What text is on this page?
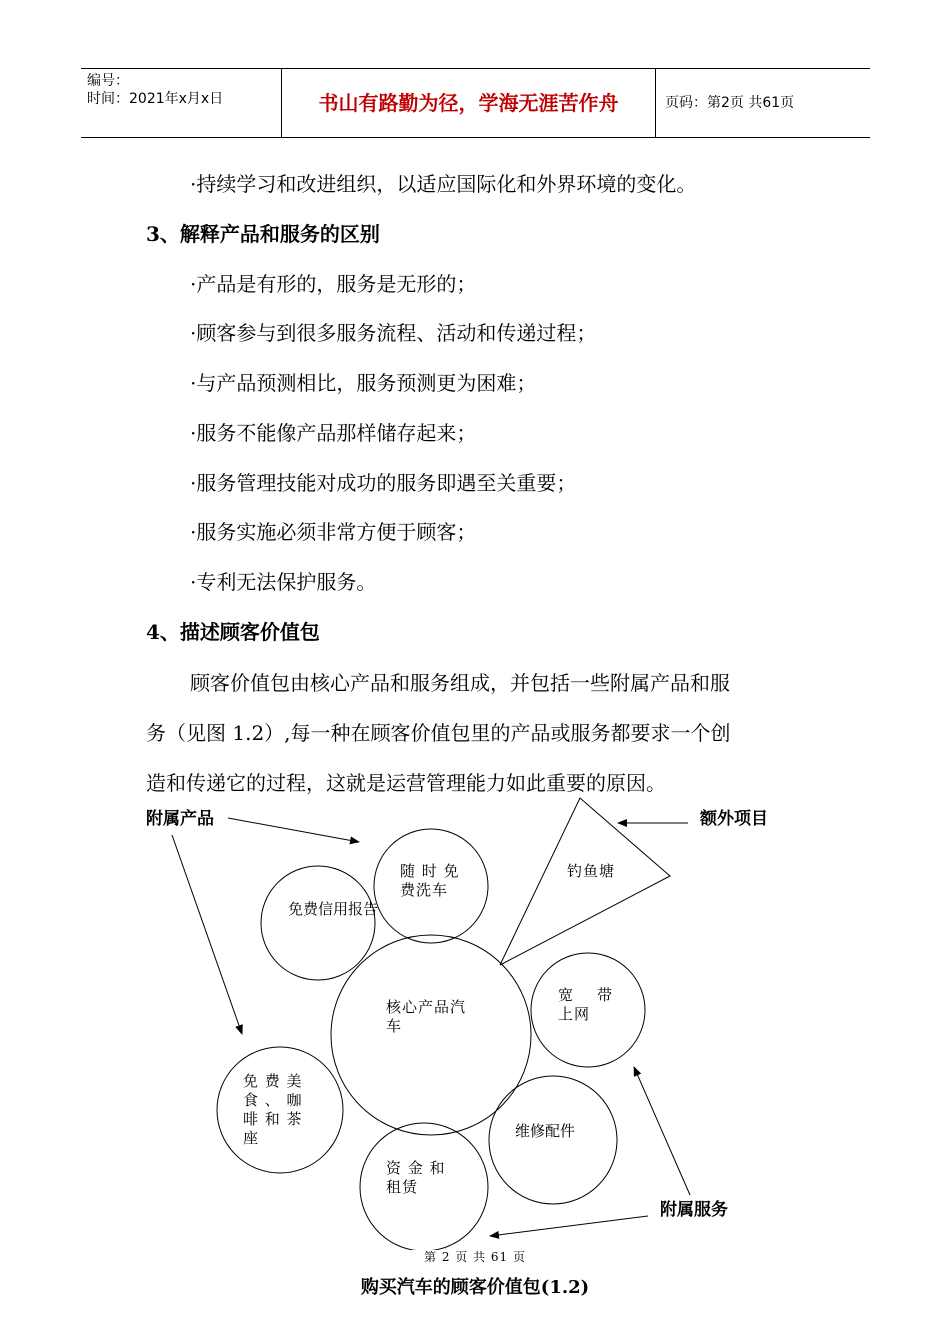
编号：
时间：2021年x月x日	书山有路勤为径，学海无涯苦作舟	页码：第2页 共61页
·持续学习和改进组织，以适应国际化和外界环境的变化。
3、解释产品和服务的区别
·产品是有形的，服务是无形的；
·顾客参与到很多服务流程、活动和传递过程；
·与产品预测相比，服务预测更为困难；
·服务不能像产品那样储存起来；
·服务管理技能对成功的服务即遇至关重要；
·服务实施必须非常方便于顾客；
·专利无法保护服务。
4、描述顾客价值包
顾客价值包由核心产品和服务组成，并包括一些附属产品和服
务（见图 1.2）,每一种在顾客价值包里的产品或服务都要求一个创
造和传递它的过程，这就是运营管理能力如此重要的原因。
附属产品	额外项目
附属服务
核心产品汽
车
免费信用报告
随 时 免
费洗车
钓鱼塘
宽    带
上网
免 费 美
食 、 咖
啡 和 茶
座	维修配件
资 金 和
租赁
第 2 页 共 61 页
购买汽车的顾客价值包(1.2)
